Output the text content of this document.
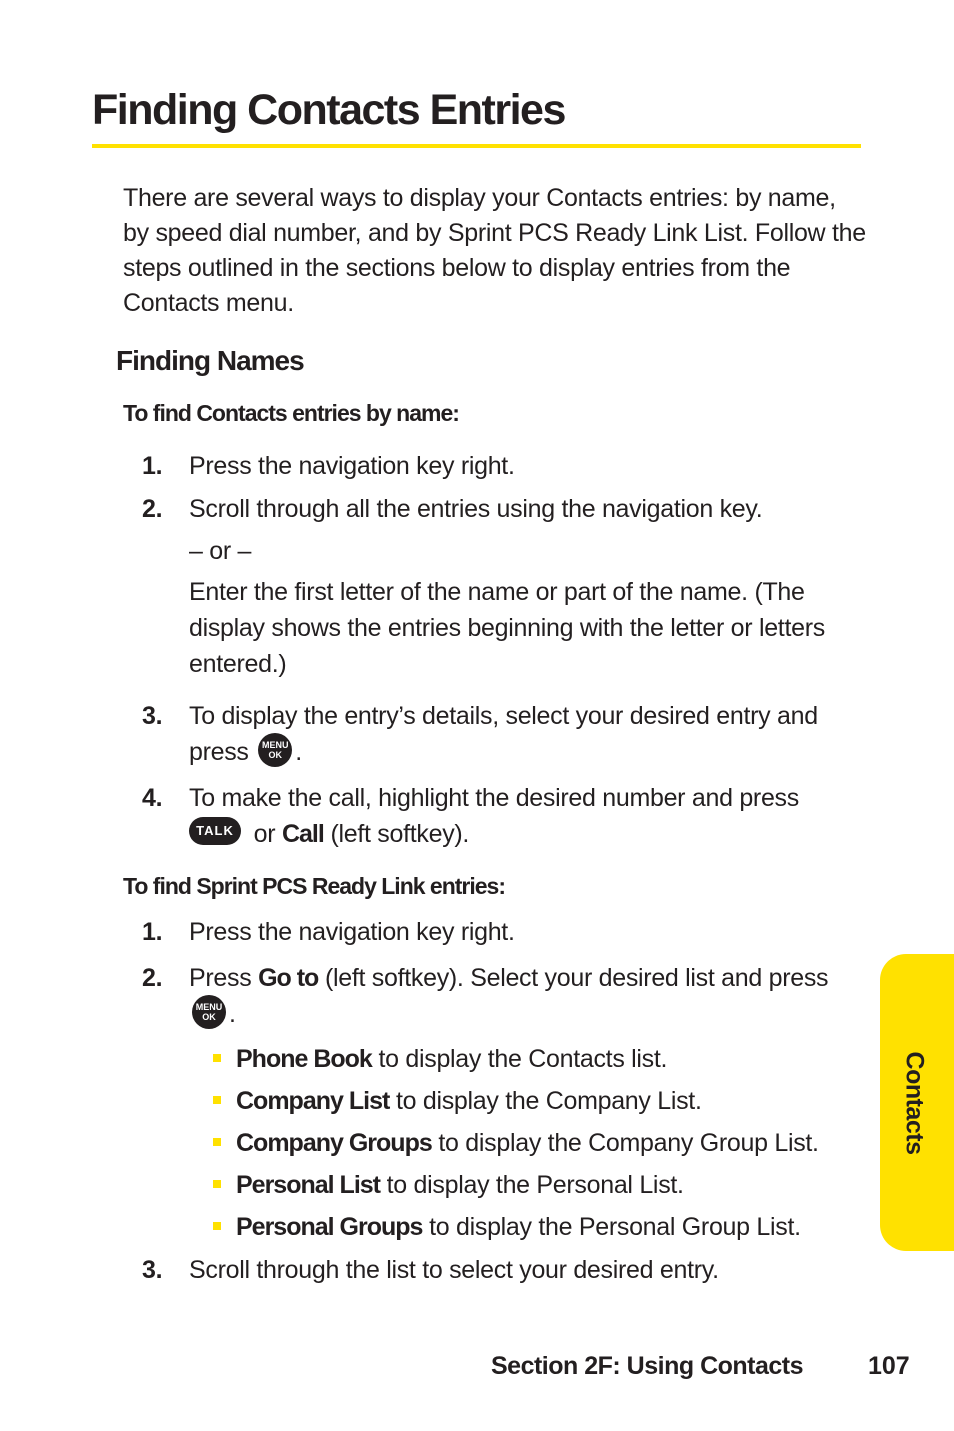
Finding Contacts Entries

There are several ways to display your Contacts entries: by name, by speed dial number, and by Sprint PCS Ready Link List. Follow the steps outlined in the sections below to display entries from the Contacts menu.

Finding Names
To find Contacts entries by name:
1. Press the navigation key right.
2. Scroll through all the entries using the navigation key.
– or –
Enter the first letter of the name or part of the name. (The display shows the entries beginning with the letter or letters entered.)
3. To display the entry’s details, select your desired entry and press	MENU
OK .
4. To make the call, highlight the desired number and press
TALK or Call (left softkey).
To find Sprint PCS Ready Link entries:
1. Press the navigation key right.
2. Press Go to (left softkey). Select your desired list and press
MENU
OK .
Phone Book to display the Contacts list.
Company List to display the Company List.
Company Groups to display the Company Group List.
Personal List to display the Personal List.
Personal Groups to display the Personal Group List.
3. Scroll through the list to select your desired entry.
Contacts
Section 2F: Using Contacts	107
